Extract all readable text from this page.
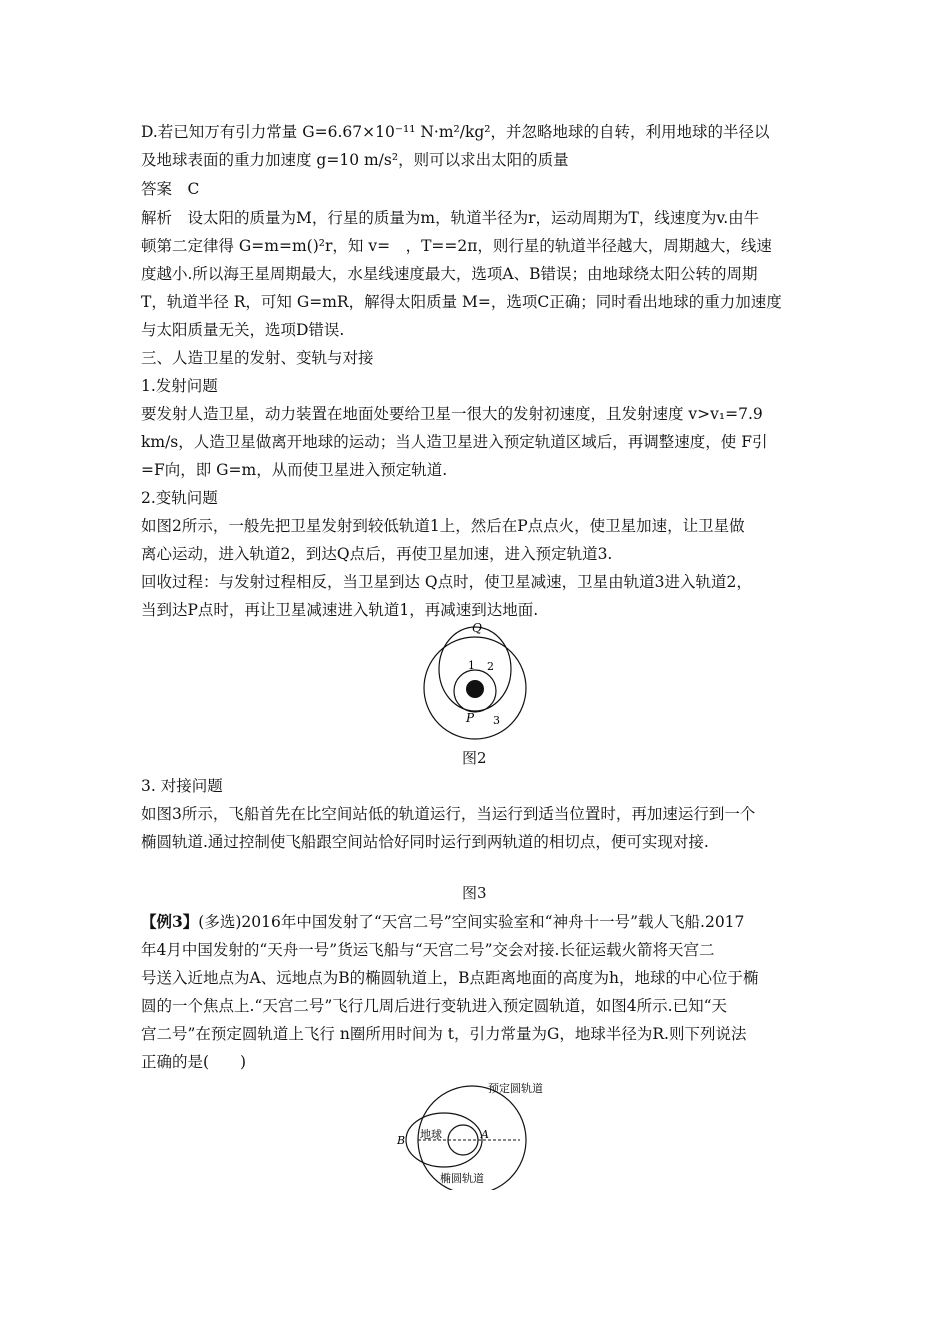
D.若已知万有引力常量 G=6.67×10⁻¹¹ N·m²/kg²，并忽略地球的自转，利用地球的半径以
及地球表面的重力加速度 g=10 m/s²，则可以求出太阳的质量
答案　C
解析　设太阳的质量为M，行星的质量为m，轨道半径为r，运动周期为T，线速度为v.由牛
顿第二定律得 G=m=m()²r，知 v=　，T==2π，则行星的轨道半径越大，周期越大，线速
度越小.所以海王星周期最大，水星线速度最大，选项A、B错误；由地球绕太阳公转的周期
T，轨道半径 R，可知 G=mR，解得太阳质量 M=，选项C正确；同时看出地球的重力加速度
与太阳质量无关，选项D错误.
三、人造卫星的发射、变轨与对接
1.发射问题
要发射人造卫星，动力装置在地面处要给卫星一很大的发射初速度，且发射速度 v>v₁=7.9
km/s，人造卫星做离开地球的运动；当人造卫星进入预定轨道区域后，再调整速度，使 F引
=F向，即 G=m，从而使卫星进入预定轨道.
2.变轨问题
如图2所示，一般先把卫星发射到较低轨道1上，然后在P点点火，使卫星加速，让卫星做
离心运动，进入轨道2，到达Q点后，再使卫星加速，进入预定轨道3.
回收过程：与发射过程相反，当卫星到达 Q点时，使卫星减速，卫星由轨道3进入轨道2，
当到达P点时，再让卫星减速进入轨道1，再减速到达地面.
Q
P
1 2
3
图2
3. 对接问题
如图3所示，飞船首先在比空间站低的轨道运行，当运行到适当位置时，再加速运行到一个
椭圆轨道.通过控制使飞船跟空间站恰好同时运行到两轨道的相切点，便可实现对接.
图3
【例3】(多选)2016年中国发射了“天宫二号”空间实验室和“神舟十一号”载人飞船.2017
年4月中国发射的“天舟一号”货运飞船与“天宫二号”交会对接.长征运载火箭将天宫二
号送入近地点为A、远地点为B的椭圆轨道上，B点距离地面的高度为h，地球的中心位于椭
圆的一个焦点上.“天宫二号”飞行几周后进行变轨进入预定圆轨道，如图4所示.已知“天
宫二号”在预定圆轨道上飞行 n圈所用时间为 t，引力常量为G，地球半径为R.则下列说法
正确的是(　　)
预定圆轨道
地球	A
B
椭圆轨道
